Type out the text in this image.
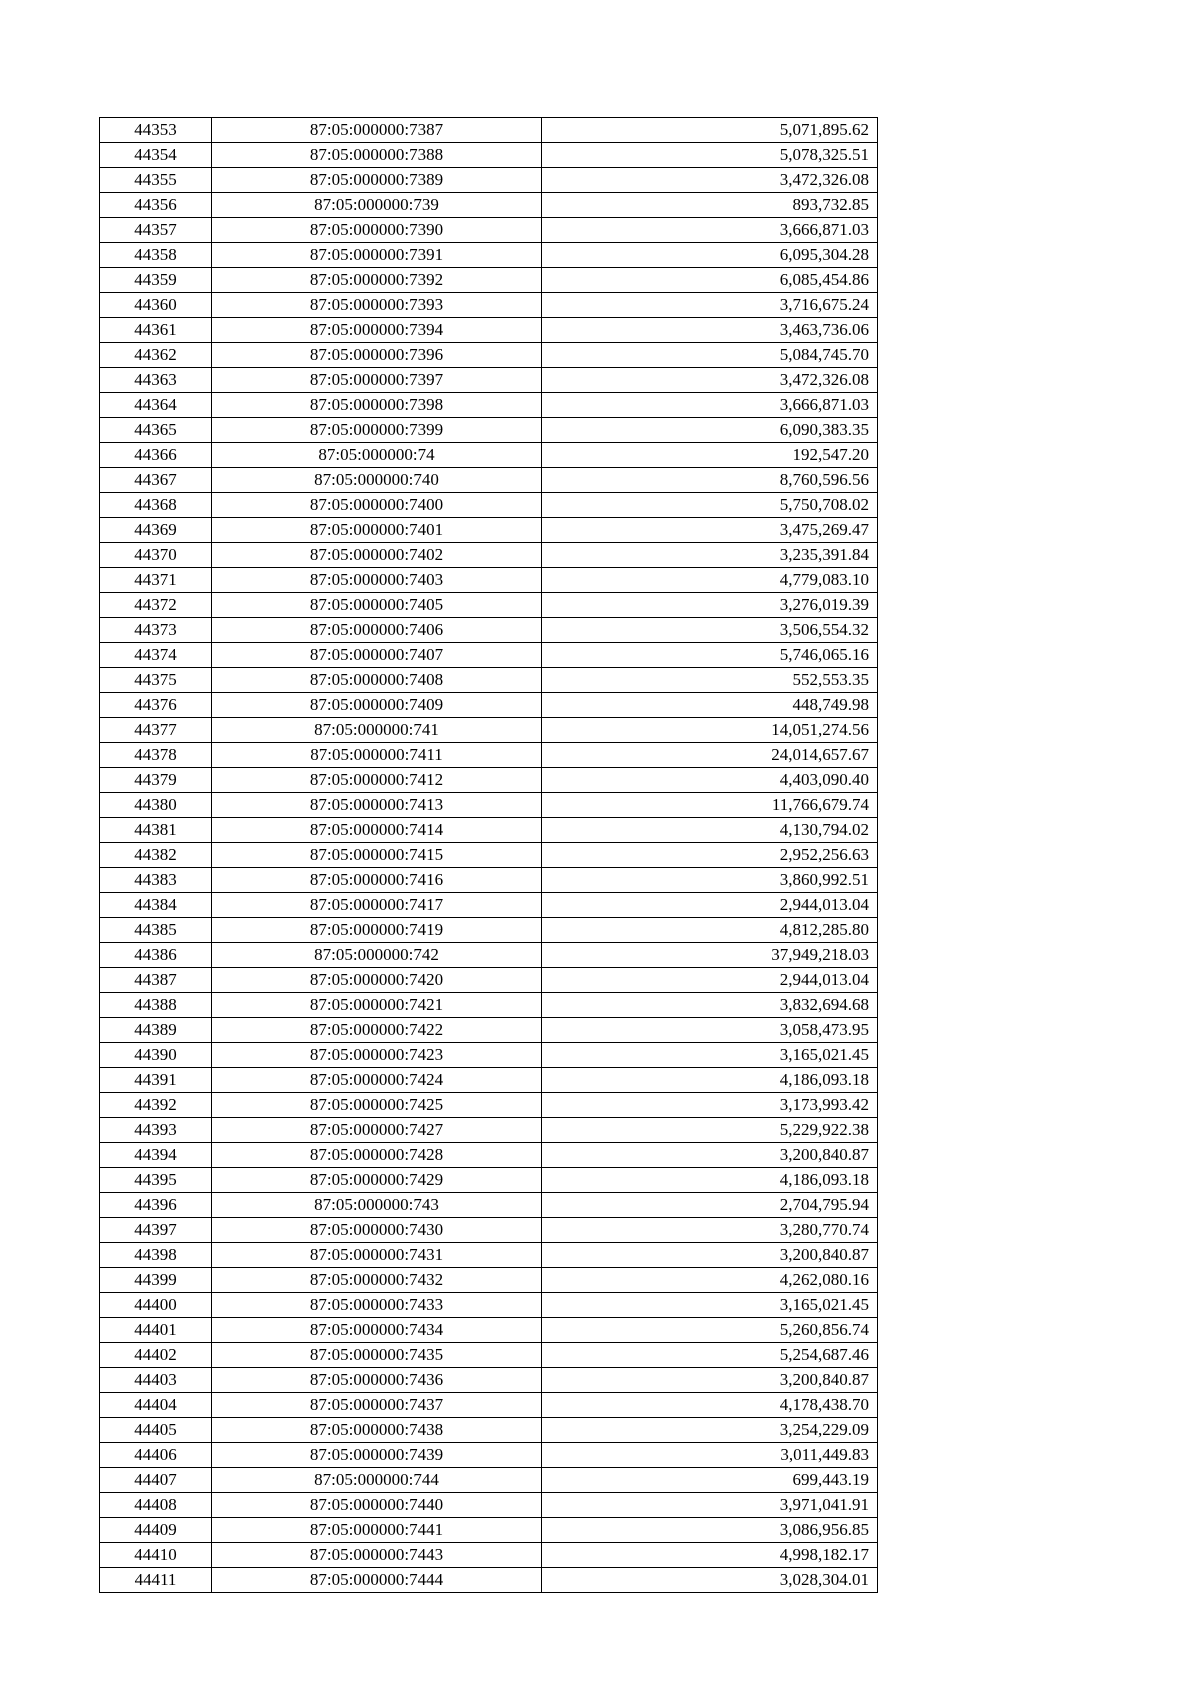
44353	87:05:000000:7387	5,071,895.62
44354	87:05:000000:7388	5,078,325.51
44355	87:05:000000:7389	3,472,326.08
44356	87:05:000000:739	893,732.85
44357	87:05:000000:7390	3,666,871.03
44358	87:05:000000:7391	6,095,304.28
44359	87:05:000000:7392	6,085,454.86
44360	87:05:000000:7393	3,716,675.24
44361	87:05:000000:7394	3,463,736.06
44362	87:05:000000:7396	5,084,745.70
44363	87:05:000000:7397	3,472,326.08
44364	87:05:000000:7398	3,666,871.03
44365	87:05:000000:7399	6,090,383.35
44366	87:05:000000:74	192,547.20
44367	87:05:000000:740	8,760,596.56
44368	87:05:000000:7400	5,750,708.02
44369	87:05:000000:7401	3,475,269.47
44370	87:05:000000:7402	3,235,391.84
44371	87:05:000000:7403	4,779,083.10
44372	87:05:000000:7405	3,276,019.39
44373	87:05:000000:7406	3,506,554.32
44374	87:05:000000:7407	5,746,065.16
44375	87:05:000000:7408	552,553.35
44376	87:05:000000:7409	448,749.98
44377	87:05:000000:741	14,051,274.56
44378	87:05:000000:7411	24,014,657.67
44379	87:05:000000:7412	4,403,090.40
44380	87:05:000000:7413	11,766,679.74
44381	87:05:000000:7414	4,130,794.02
44382	87:05:000000:7415	2,952,256.63
44383	87:05:000000:7416	3,860,992.51
44384	87:05:000000:7417	2,944,013.04
44385	87:05:000000:7419	4,812,285.80
44386	87:05:000000:742	37,949,218.03
44387	87:05:000000:7420	2,944,013.04
44388	87:05:000000:7421	3,832,694.68
44389	87:05:000000:7422	3,058,473.95
44390	87:05:000000:7423	3,165,021.45
44391	87:05:000000:7424	4,186,093.18
44392	87:05:000000:7425	3,173,993.42
44393	87:05:000000:7427	5,229,922.38
44394	87:05:000000:7428	3,200,840.87
44395	87:05:000000:7429	4,186,093.18
44396	87:05:000000:743	2,704,795.94
44397	87:05:000000:7430	3,280,770.74
44398	87:05:000000:7431	3,200,840.87
44399	87:05:000000:7432	4,262,080.16
44400	87:05:000000:7433	3,165,021.45
44401	87:05:000000:7434	5,260,856.74
44402	87:05:000000:7435	5,254,687.46
44403	87:05:000000:7436	3,200,840.87
44404	87:05:000000:7437	4,178,438.70
44405	87:05:000000:7438	3,254,229.09
44406	87:05:000000:7439	3,011,449.83
44407	87:05:000000:744	699,443.19
44408	87:05:000000:7440	3,971,041.91
44409	87:05:000000:7441	3,086,956.85
44410	87:05:000000:7443	4,998,182.17
44411	87:05:000000:7444	3,028,304.01
